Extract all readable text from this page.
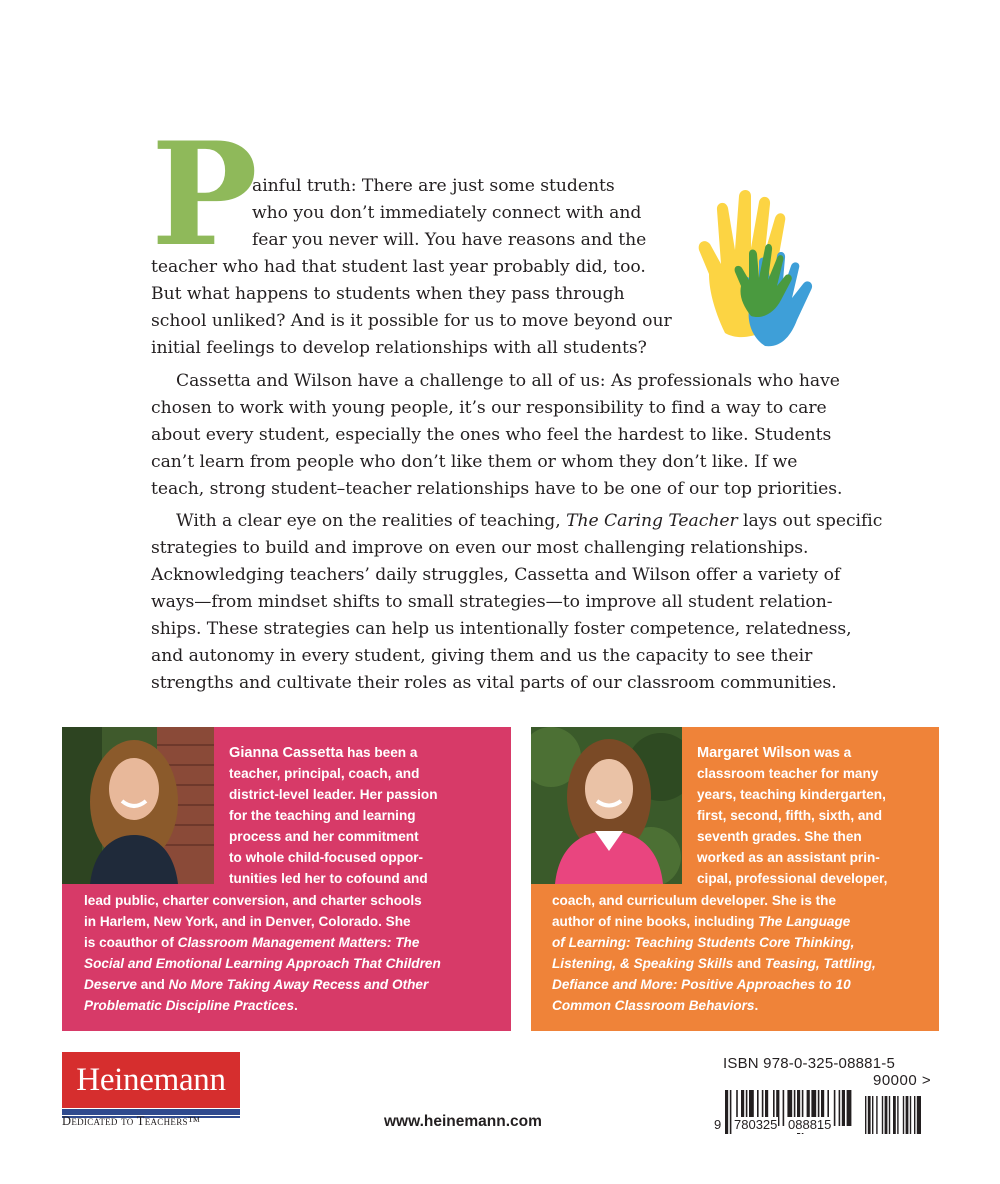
P
ainful truth: There are just some students
who you don’t immediately connect with and
fear you never will. You have reasons and the
teacher who had that student last year probably did, too.
But what happens to students when they pass through
school unliked? And is it possible for us to move beyond our
initial feelings to develop relationships with all students?
Cassetta and Wilson have a challenge to all of us: As professionals who have
chosen to work with young people, it’s our responsibility to find a way to care
about every student, especially the ones who feel the hardest to like. Students
can’t learn from people who don’t like them or whom they don’t like. If we
teach, strong student–teacher relationships have to be one of our top priorities.
With a clear eye on the realities of teaching, The Caring Teacher lays out specific
strategies to build and improve on even our most challenging relationships.
Acknowledging teachers’ daily struggles, Cassetta and Wilson offer a variety of
ways—from mindset shifts to small strategies—to improve all student relation-
ships. These strategies can help us intentionally foster competence, relatedness,
and autonomy in every student, giving them and us the capacity to see their
strengths and cultivate their roles as vital parts of our classroom communities.
Gianna Cassetta has been a
teacher, principal, coach, and
district-level leader. Her passion
for the teaching and learning
process and her commitment
to whole child-focused oppor-
tunities led her to cofound and
lead public, charter conversion, and charter schools
in Harlem, New York, and in Denver, Colorado. She
is coauthor of Classroom Management Matters: The
Social and Emotional Learning Approach That Children
Deserve and No More Taking Away Recess and Other
Problematic Discipline Practices.
Margaret Wilson was a
classroom teacher for many
years, teaching kindergarten,
first, second, fifth, sixth, and
seventh grades. She then
worked as an assistant prin-
cipal, professional developer,
coach, and curriculum developer. She is the
author of nine books, including The Language
of Learning: Teaching Students Core Thinking,
Listening, & Speaking Skills and Teasing, Tattling,
Defiance and More: Positive Approaches to 10
Common Classroom Behaviors.
Heinemann
Dedicated to Teachers™	www.heinemann.com
ISBN 978-0-325-08881-5
90000 >
9 780325 088815
